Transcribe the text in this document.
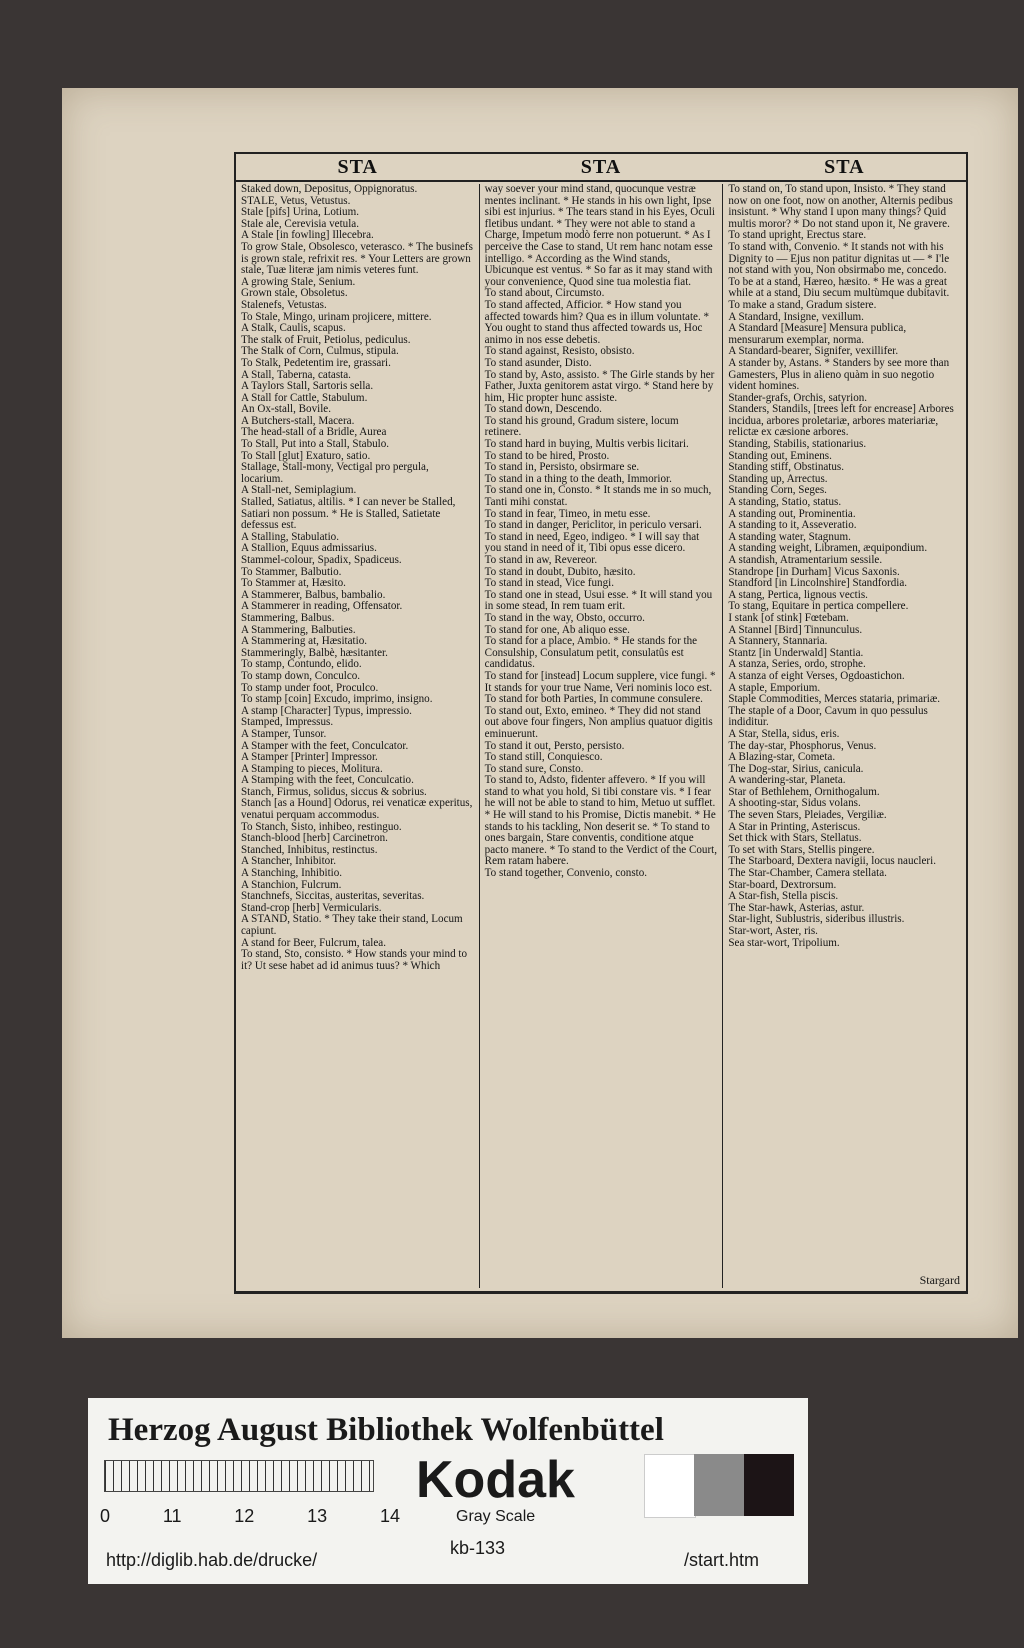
STA	STA	STA

Staked down, Depositus, Oppignoratus.

STALE, Vetus, Vetustus.

Stale [pifs] Urina, Lotium.

Stale ale, Cerevisia vetula.

A Stale [in fowling] Illecebra.

To grow Stale, Obsolesco, veterasco. * The businefs is grown stale, refrixit res. * Your Letters are grown stale, Tuæ literæ jam nimis veteres funt.

A growing Stale, Senium.

Grown stale, Obsoletus.

Stalenefs, Vetustas.

To Stale, Mingo, urinam projicere, mittere.

A Stalk, Caulis, scapus.

The stalk of Fruit, Petiolus, pediculus.

The Stalk of Corn, Culmus, stipula.

To Stalk, Pedetentim ire, grassari.

A Stall, Taberna, catasta.

A Taylors Stall, Sartoris sella.

A Stall for Cattle, Stabulum.

An Ox-stall, Bovile.

A Butchers-stall, Macera.

The head-stall of a Bridle, Aurea

To Stall, Put into a Stall, Stabulo.

To Stall [glut] Exaturo, satio.

Stallage, Stall-mony, Vectigal pro pergula, locarium.

A Stall-net, Semiplagium.

Stalled, Satiatus, altilis. * I can never be Stalled, Satiari non possum. * He is Stalled, Satietate defessus est.

A Stalling, Stabulatio.

A Stallion, Equus admissarius.

Stammel-colour, Spadix, Spadiceus.

To Stammer, Balbutio.

To Stammer at, Hæsito.

A Stammerer, Balbus, bambalio.

A Stammerer in reading, Offensator.

Stammering, Balbus.

A Stammering, Balbuties.

A Stammering at, Hæsitatio.

Stammeringly, Balbè, hæsitanter.

To stamp, Contundo, elido.

To stamp down, Conculco.

To stamp under foot, Proculco.

To stamp [coin] Excudo, imprimo, insigno.

A stamp [Character] Typus, impressio.

Stamped, Impressus.

A Stamper, Tunsor.

A Stamper with the feet, Conculcator.

A Stamper [Printer] Impressor.

A Stamping to pieces, Molitura.

A Stamping with the feet, Conculcatio.

Stanch, Firmus, solidus, siccus & sobrius.

Stanch [as a Hound] Odorus, rei venaticæ experitus, venatui perquam accommodus.

To Stanch, Sisto, inhibeo, restinguo.

Stanch-blood [herb] Carcinetron.

Stanched, Inhibitus, restinctus.

A Stancher, Inhibitor.

A Stanching, Inhibitio.

A Stanchion, Fulcrum.

Stanchnefs, Siccitas, austeritas, severitas.

Stand-crop [herb] Vermicularis.

A STAND, Statio. * They take their stand, Locum capiunt.

A stand for Beer, Fulcrum, talea.

To stand, Sto, consisto. * How stands your mind to it? Ut sese habet ad id animus tuus? * Which

way soever your mind stand, quocunque vestræ mentes inclinant. * He stands in his own light, Ipse sibi est injurius. * The tears stand in his Eyes, Oculi fletibus undant. * They were not able to stand a Charge, Impetum modò ferre non potuerunt. * As I perceive the Case to stand, Ut rem hanc notam esse intelligo. * According as the Wind stands, Ubicunque est ventus. * So far as it may stand with your convenience, Quod sine tua molestia fiat.

To stand about, Circumsto.

To stand affected, Afficior. * How stand you affected towards him? Qua es in illum voluntate. * You ought to stand thus affected towards us, Hoc animo in nos esse debetis.

To stand against, Resisto, obsisto.

To stand asunder, Disto.

To stand by, Asto, assisto. * The Girle stands by her Father, Juxta genitorem astat virgo. * Stand here by him, Hic propter hunc assiste.

To stand down, Descendo.

To stand his ground, Gradum sistere, locum retinere.

To stand hard in buying, Multis verbis licitari.

To stand to be hired, Prosto.

To stand in, Persisto, obsirmare se.

To stand in a thing to the death, Immorior.

To stand one in, Consto. * It stands me in so much, Tanti mihi constat.

To stand in fear, Timeo, in metu esse.

To stand in danger, Periclitor, in periculo versari.

To stand in need, Egeo, indigeo. * I will say that you stand in need of it, Tibi opus esse dicero.

To stand in aw, Revereor.

To stand in doubt, Dubito, hæsito.

To stand in stead, Vice fungi.

To stand one in stead, Usui esse. * It will stand you in some stead, In rem tuam erit.

To stand in the way, Obsto, occurro.

To stand for one, Ab aliquo esse.

To stand for a place, Ambio. * He stands for the Consulship, Consulatum petit, consulatûs est candidatus.

To stand for [instead] Locum supplere, vice fungi. * It stands for your true Name, Veri nominis loco est.

To stand for both Parties, In commune consulere.

To stand out, Exto, emineo. * They did not stand out above four fingers, Non amplius quatuor digitis eminuerunt.

To stand it out, Persto, persisto.

To stand still, Conquiesco.

To stand sure, Consto.

To stand to, Adsto, fidenter affevero. * If you will stand to what you hold, Si tibi constare vis. * I fear he will not be able to stand to him, Metuo ut sufflet. * He will stand to his Promise, Dictis manebit. * He stands to his tackling, Non deserit se. * To stand to ones bargain, Stare conventis, conditione atque pacto manere. * To stand to the Verdict of the Court, Rem ratam habere.

To stand together, Convenio, consto.

To stand on, To stand upon, Insisto. * They stand now on one foot, now on another, Alternis pedibus insistunt. * Why stand I upon many things? Quid multis moror? * Do not stand upon it, Ne gravere.

To stand upright, Erectus stare.

To stand with, Convenio. * It stands not with his Dignity to — Ejus non patitur dignitas ut — * I'le not stand with you, Non obsirmabo me, concedo.

To be at a stand, Hæreo, hæsito. * He was a great while at a stand, Diu secum multùmque dubitavit.

To make a stand, Gradum sistere.

A Standard, Insigne, vexillum.

A Standard [Measure] Mensura publica, mensurarum exemplar, norma.

A Standard-bearer, Signifer, vexillifer.

A stander by, Astans. * Standers by see more than Gamesters, Plus in alieno quàm in suo negotio vident homines.

Stander-grafs, Orchis, satyrion.

Standers, Standils, [trees left for encrease] Arbores incidua, arbores proletariæ, arbores materiariæ, relictæ ex cæsione arbores.

Standing, Stabilis, stationarius.

Standing out, Eminens.

Standing stiff, Obstinatus.

Standing up, Arrectus.

Standing Corn, Seges.

A standing, Statio, status.

A standing out, Prominentia.

A standing to it, Asseveratio.

A standing water, Stagnum.

A standing weight, Libramen, æquipondium.

A standish, Atramentarium sessile.

Standrope [in Durham] Vicus Saxonis.

Standford [in Lincolnshire] Standfordia.

A stang, Pertica, lignous vectis.

To stang, Equitare in pertica compellere.

I stank [of stink] Fœtebam.

A Stannel [Bird] Tinnunculus.

A Stannery, Stannaria.

Stantz [in Underwald] Stantia.

A stanza, Series, ordo, strophe.

A stanza of eight Verses, Ogdoastichon.

A staple, Emporium.

Staple Commodities, Merces stataria, primariæ.

The staple of a Door, Cavum in quo pessulus indiditur.

A Star, Stella, sidus, eris.

The day-star, Phosphorus, Venus.

A Blazing-star, Cometa.

The Dog-star, Sirius, canicula.

A wandering-star, Planeta.

Star of Bethlehem, Ornithogalum.

A shooting-star, Sidus volans.

The seven Stars, Pleiades, Vergiliæ.

A Star in Printing, Asteriscus.

Set thick with Stars, Stellatus.

To set with Stars, Stellis pingere.

The Starboard, Dextera navigii, locus naucleri.

The Star-Chamber, Camera stellata.

Star-board, Dextrorsum.

A Star-fish, Stella piscis.

The Star-hawk, Asterias, astur.

Star-light, Sublustris, sideribus illustris.

Star-wort, Aster, ris.

Sea star-wort, Tripolium.

Stargard
Herzog August Bibliothek Wolfenbüttel
0	11	12	13	14
Kodak
Gray Scale
http://diglib.hab.de/drucke/
kb-133
/start.htm
